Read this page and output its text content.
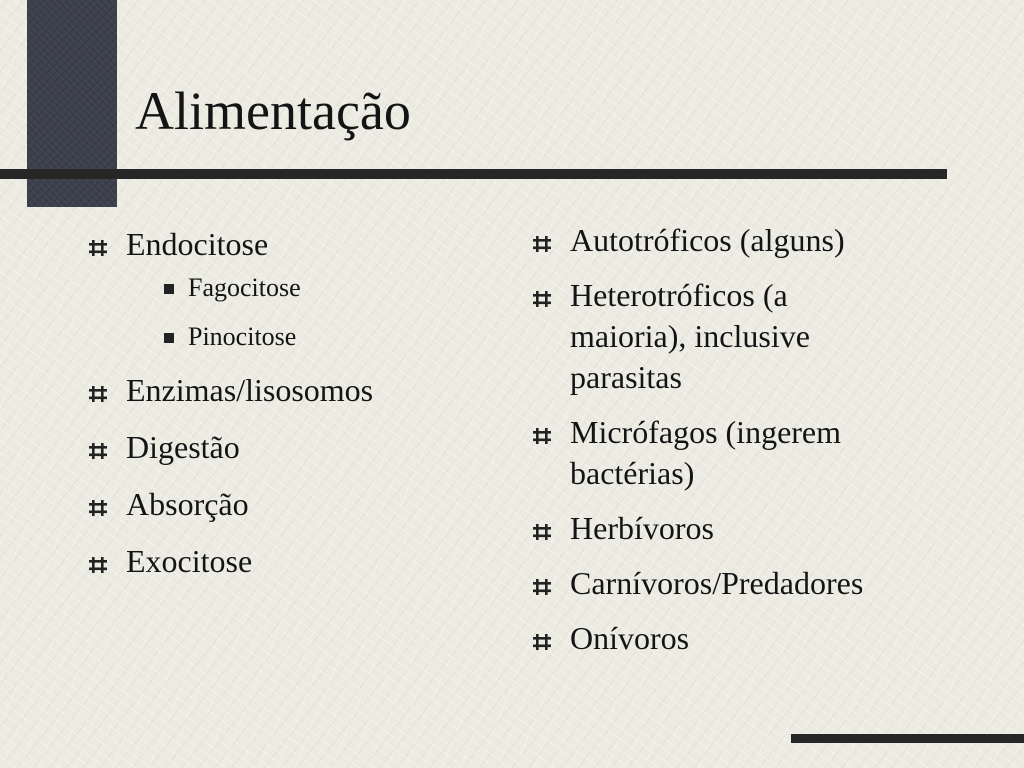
Alimentação
Endocitose
Fagocitose
Pinocitose
Enzimas/lisosomos
Digestão
Absorção
Exocitose
Autotróficos (alguns)
Heterotróficos (a maioria), inclusive parasitas
Micrófagos (ingerem bactérias)
Herbívoros
Carnívoros/Predadores
Onívoros
